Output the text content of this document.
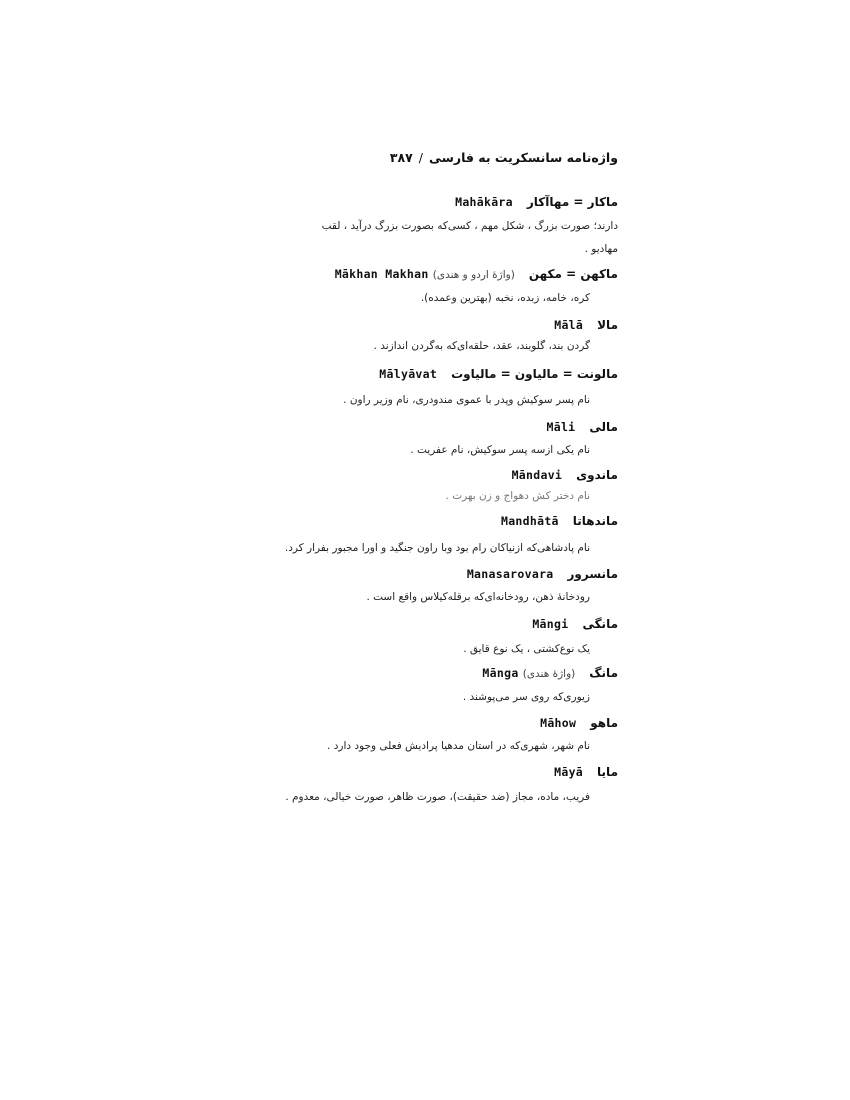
واژه‌نامه سانسکریت به فارسی/۳۸۷
ماکار = مهاآکارMahākāra
دارند؛ صورت بزرگ ، شکل مهم ، کسی‌که بصورت بزرگ درآید ، لقب
مهادیو .
ماکهن = مکهن(واژهٔ اردو و هندی) Mākhan Makhan
کره، خامه، زبده، نخبه (بهترین وعمده).
مالاMālā
گردن بند، گلوبند، عقد، حلقه‌ای‌که به‌گردن اندازند .
مالونت = مالیاون = مالیاوتMālyāvat
نام پسر سوکیش وپدر با عموی مندودری، نام وزیر راون .
مالیMāli
نام یکی ازسه پسر سوکیش، نام عفریت .
ماندویMāndavi
نام دختر کش دهواج و زن بهرت .
ماندهاتاMandhātā
نام پادشاهی‌که ازنیاکان رام بود وبا راون جنگید و اورا مجبور بفرار کرد.
مانسرورManasarovara
رودخانهٔ ذهن، رودخانه‌ای‌که برقله‌کیلاس واقع است .
مانگیMāngi
یک نوع‌کشتی ، یک نوع قایق .
مانگ(واژهٔ هندی) Mānga
زیوری‌که روی سر می‌پوشند .
ماهوMāhow
نام شهر، شهری‌که در استان مدهیا پرادیش فعلی وجود دارد .
مایاMāyā
فریب، ماده، مجاز (ضد حقیقت)، صورت ظاهر، صورت خیالی، معدوم .
